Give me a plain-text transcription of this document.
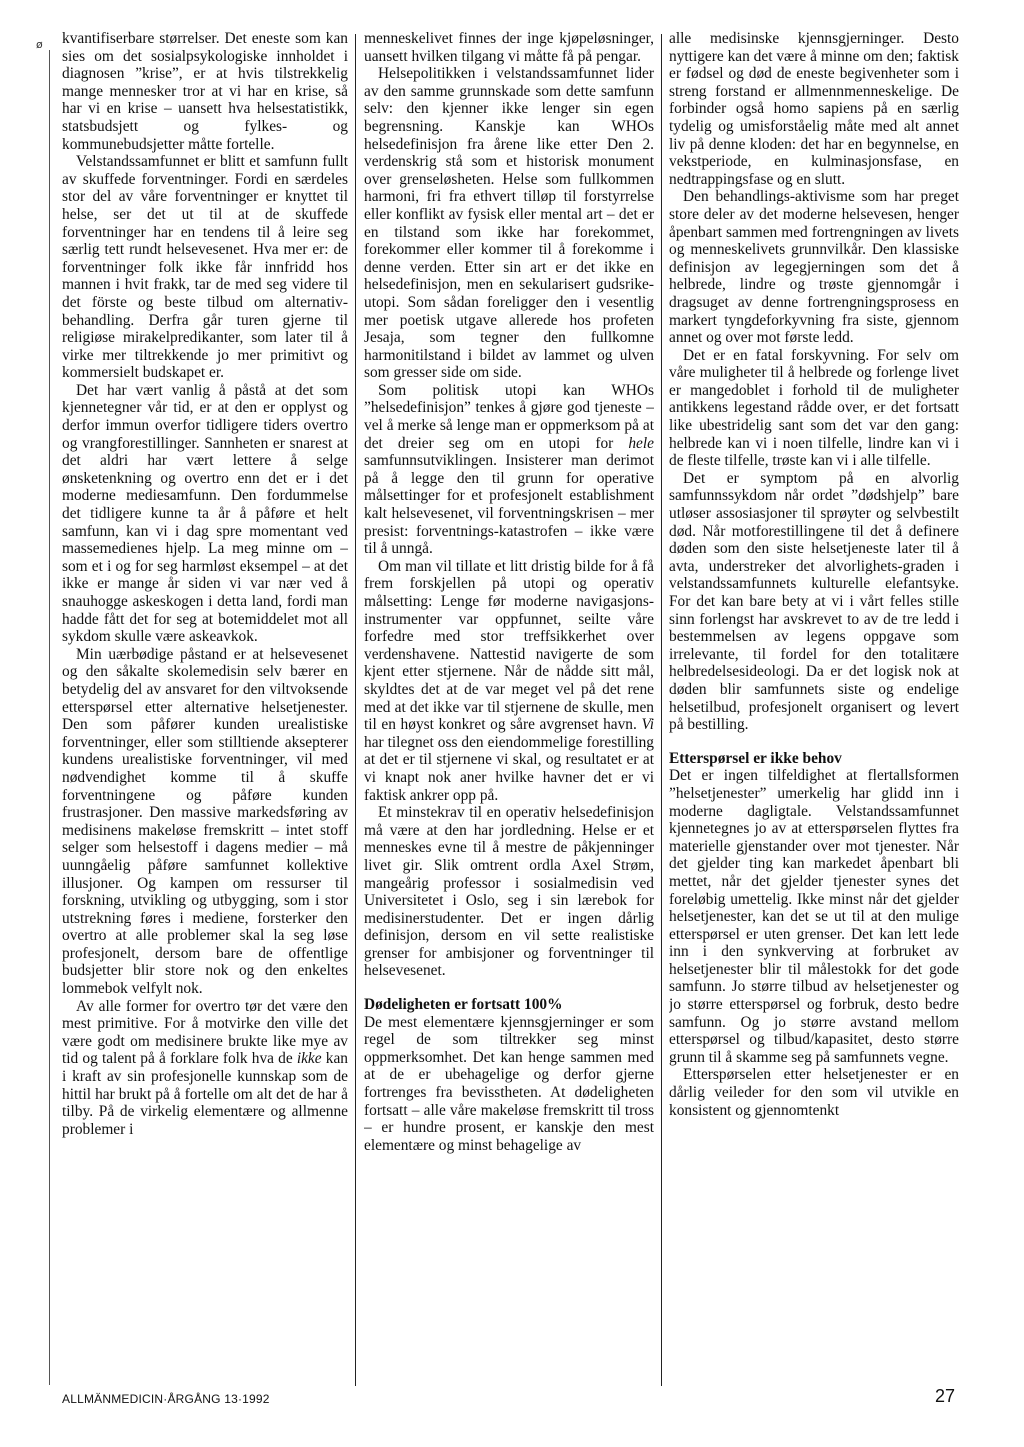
ø kvantifiserbare størrelser. Det eneste som kan sies om det sosialpsykologiske innholdet i diagnosen ”krise”, er at hvis tilstrekkelig mange mennesker tror at vi har en krise, så har vi en krise – uansett hva helsestatistikk, statsbudsjett og fylkes- og kommunebudsjetter måtte fortelle.

Velstandssamfunnet er blitt et samfunn fullt av skuffede forventninger. Fordi en særdeles stor del av våre forventninger er knyttet til helse, ser det ut til at de skuffede forventninger har en tendens til å leire seg særlig tett rundt helsevesenet. Hva mer er: de forventninger folk ikke får innfridd hos mannen i hvit frakk, tar de med seg videre til det förste og beste tilbud om alternativ-behandling. Derfra går turen gjerne til religiøse mirakelpredikanter, som later til å virke mer tiltrekkende jo mer primitivt og kommersielt budskapet er.

Det har vært vanlig å påstå at det som kjennetegner vår tid, er at den er opplyst og derfor immun overfor tidligere tiders overtro og vrangforestillinger. Sannheten er snarest at det aldri har vært lettere å selge ønsketenkning og overtro enn det er i det moderne mediesamfunn. Den fordummelse det tidligere kunne ta år å påføre et helt samfunn, kan vi i dag spre momentant ved massemedienes hjelp. La meg minne om – som et i og for seg harmløst eksempel – at det ikke er mange år siden vi var nær ved å snauhogge askeskogen i detta land, fordi man hadde fått det for seg at botemiddelet mot all sykdom skulle være askeavkok.

Min uærbødige påstand er at helsevesenet og den såkalte skolemedisin selv bærer en betydelig del av ansvaret for den viltvoksende etterspørsel etter alternative helsetjenester. Den som påfører kunden urealistiske forventninger, eller som stilltiende aksepterer kundens urealistiske forventninger, vil med nødvendighet komme til å skuffe forventningene og påføre kunden frustrasjoner. Den massive markedsføring av medisinens makeløse fremskritt – intet stoff selger som helsestoff i dagens medier – må uunngåelig påføre samfunnet kollektive illusjoner. Og kampen om ressurser til forskning, utvikling og utbygging, som i stor utstrekning føres i mediene, forsterker den overtro at alle problemer skal la seg løse profesjonelt, dersom bare de offentlige budsjetter blir store nok og den enkeltes lommebok velfylt nok.

Av alle former for overtro tør det være den mest primitive. For å motvirke den ville det være godt om medisinere brukte like mye av tid og talent på å forklare folk hva de ikke kan i kraft av sin profesjonelle kunnskap som de hittil har brukt på å fortelle om alt det de har å tilby. På de virkelig elementære og allmenne problemer i

menneskelivet finnes der inge kjøpeløsninger, uansett hvilken tilgang vi måtte få på pengar.

Helsepolitikken i velstandssamfunnet lider av den samme grunnskade som dette samfunn selv: den kjenner ikke lenger sin egen begrensning. Kanskje kan WHOs helsedefinisjon fra årene like etter Den 2. verdenskrig stå som et historisk monument over grenseløsheten. Helse som fullkommen harmoni, fri fra ethvert tilløp til forstyrrelse eller konflikt av fysisk eller mental art – det er en tilstand som ikke har forekommet, forekommer eller kommer til å forekomme i denne verden. Etter sin art er det ikke en helsedefinisjon, men en sekularisert gudsrike-utopi. Som sådan foreligger den i vesentlig mer poetisk utgave allerede hos profeten Jesaja, som tegner den fullkomne harmonitilstand i bildet av lammet og ulven som gresser side om side.

Som politisk utopi kan WHOs ”helsedefinisjon” tenkes å gjøre god tjeneste – vel å merke så lenge man er oppmerksom på at det dreier seg om en utopi for hele samfunnsutviklingen. Insisterer man derimot på å legge den til grunn for operative målsettinger for et profesjonelt establishment kalt helsevesenet, vil forventningskrisen – mer presist: forventnings-katastrofen – ikke være til å unngå.

Om man vil tillate et litt dristig bilde for å få frem forskjellen på utopi og operativ målsetting: Lenge før moderne navigasjons-instrumenter var oppfunnet, seilte våre forfedre med stor treffsikkerhet over verdenshavene. Nattestid navigerte de som kjent etter stjernene. Når de nådde sitt mål, skyldtes det at de var meget vel på det rene med at det ikke var til stjernene de skulle, men til en høyst konkret og såre avgrenset havn. Vi har tilegnet oss den eiendommelige forestilling at det er til stjernene vi skal, og resultatet er at vi knapt nok aner hvilke havner det er vi faktisk ankrer opp på.

Et minstekrav til en operativ helsedefinisjon må være at den har jordledning. Helse er et menneskes evne til å mestre de påkjenninger livet gir. Slik omtrent ordla Axel Strøm, mangeårig professor i sosialmedisin ved Universitetet i Oslo, seg i sin lærebok for medisinerstudenter. Det er ingen dårlig definisjon, dersom en vil sette realistiske grenser for ambisjoner og forventninger til helsevesenet.

Dødeligheten er fortsatt 100%

De mest elementære kjennsgjerninger er som regel de som tiltrekker seg minst oppmerksomhet. Det kan henge sammen med at de er ubehagelige og derfor gjerne fortrenges fra bevisstheten. At dødeligheten fortsatt – alle våre makeløse fremskritt til tross – er hundre prosent, er kanskje den mest elementære og minst behagelige av

alle medisinske kjennsgjerninger. Desto nyttigere kan det være å minne om den; faktisk er fødsel og død de eneste begivenheter som i streng forstand er allmennmenneskelige. De forbinder også homo sapiens på en særlig tydelig og umisforståelig måte med alt annet liv på denne kloden: det har en begynnelse, en vekstperiode, en kulminasjonsfase, en nedtrappingsfase og en slutt.

Den behandlings-aktivisme som har preget store deler av det moderne helsevesen, henger åpenbart sammen med fortrengningen av livets og menneskelivets grunnvilkår. Den klassiske definisjon av legegjerningen som det å helbrede, lindre og trøste gjennomgår i dragsuget av denne fortrengningsprosess en markert tyngdeforkyvning fra siste, gjennom annet og over mot første ledd.

Det er en fatal forskyvning. For selv om våre muligheter til å helbrede og forlenge livet er mangedoblet i forhold til de muligheter antikkens legestand rådde over, er det fortsatt like ubestridelig sant som det var den gang: helbrede kan vi i noen tilfelle, lindre kan vi i de fleste tilfelle, trøste kan vi i alle tilfelle.

Det er symptom på en alvorlig samfunnssykdom når ordet ”dødshjelp” bare utløser assosiasjoner til sprøyter og selvbestilt død. Når motforestillingene til det å definere døden som den siste helsetjeneste later til å avta, understreker det alvorlighets-graden i velstandssamfunnets kulturelle elefantsyke. For det kan bare bety at vi i vårt felles stille sinn forlengst har avskrevet to av de tre ledd i bestemmelsen av legens oppgave som irrelevante, til fordel for den totalitære helbredelsesideologi. Da er det logisk nok at døden blir samfunnets siste og endelige helsetilbud, profesjonelt organisert og levert på bestilling.

Etterspørsel er ikke behov

Det er ingen tilfeldighet at flertallsformen ”helsetjenester” umerkelig har glidd inn i moderne dagligtale. Velstandssamfunnet kjennetegnes jo av at etterspørselen flyttes fra materielle gjenstander over mot tjenester. Når det gjelder ting kan markedet åpenbart bli mettet, når det gjelder tjenester synes det foreløbig umettelig. Ikke minst når det gjelder helsetjenester, kan det se ut til at den mulige etterspørsel er uten grenser. Det kan lett lede inn i den synkverving at forbruket av helsetjenester blir til målestokk for det gode samfunn. Jo større tilbud av helsetjenester og jo større etterspørsel og forbruk, desto bedre samfunn. Og jo større avstand mellom etterspørsel og tilbud/kapasitet, desto større grunn til å skamme seg på samfunnets vegne.

Etterspørselen etter helsetjenester er en dårlig veileder for den som vil utvikle en konsistent og gjennomtenkt

ALLMÄNMEDICIN·ÅRGÅNG 13·1992	27
